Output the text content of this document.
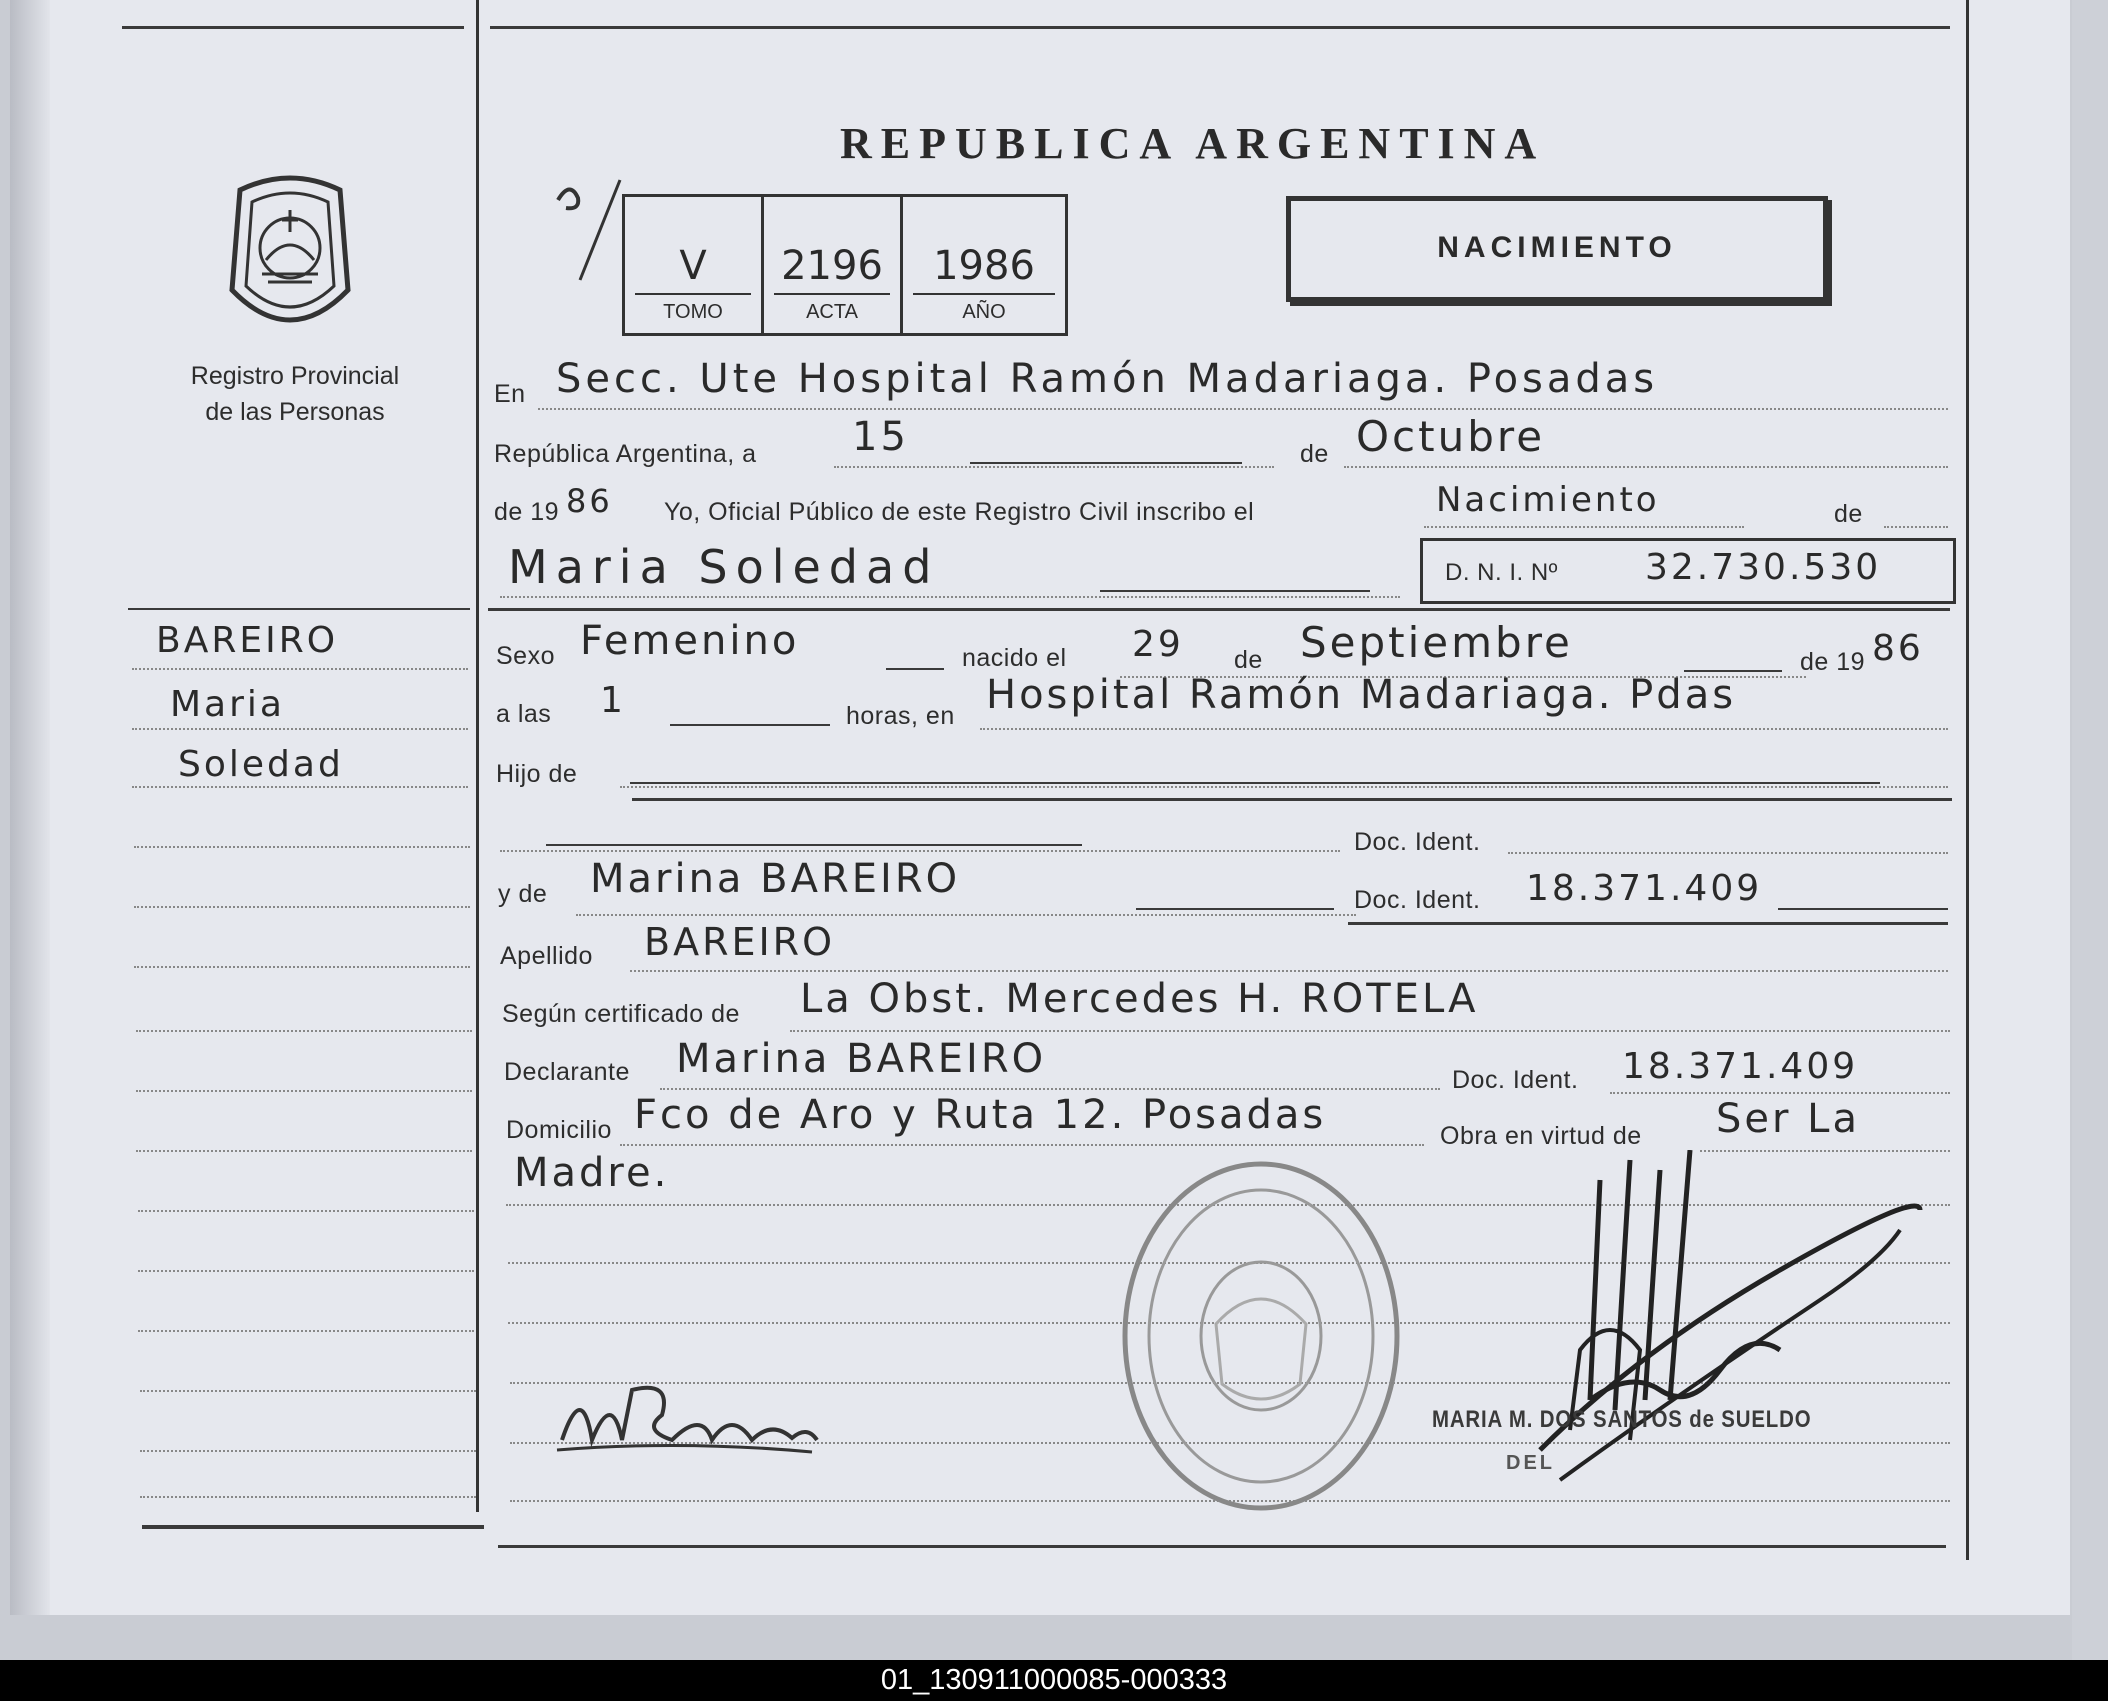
Registro Provincial
de las Personas
BAREIRO
Maria
Soledad
REPUBLICA ARGENTINA
V
TOMO
2196
ACTA
1986
AÑO
NACIMIENTO
En Secc. Ute Hospital Ramón Madariaga. Posadas
República Argentina, a 15	de Octubre
de 19 86 Yo, Oficial Público de este Registro Civil inscribo el	Nacimiento	de
Maria Soledad	D. N. I. Nº 32.730.530
Sexo Femenino	nacido el 29 de Septiembre	de 19 86
a las 1	horas, en Hospital Ramón Madariaga. Pdas
Hijo de
Doc. Ident.
y de Marina BAREIRO	Doc. Ident. 18.371.409
Apellido BAREIRO
Según certificado de La Obst. Mercedes H. ROTELA
Declarante Marina BAREIRO	Doc. Ident. 18.371.409
Domicilio Fco de Aro y Ruta 12. Posadas	Obra en virtud de Ser La
Madre.
MARIA M. DOS SANTOS de SUELDO
DEL
01_130911000085-000333
